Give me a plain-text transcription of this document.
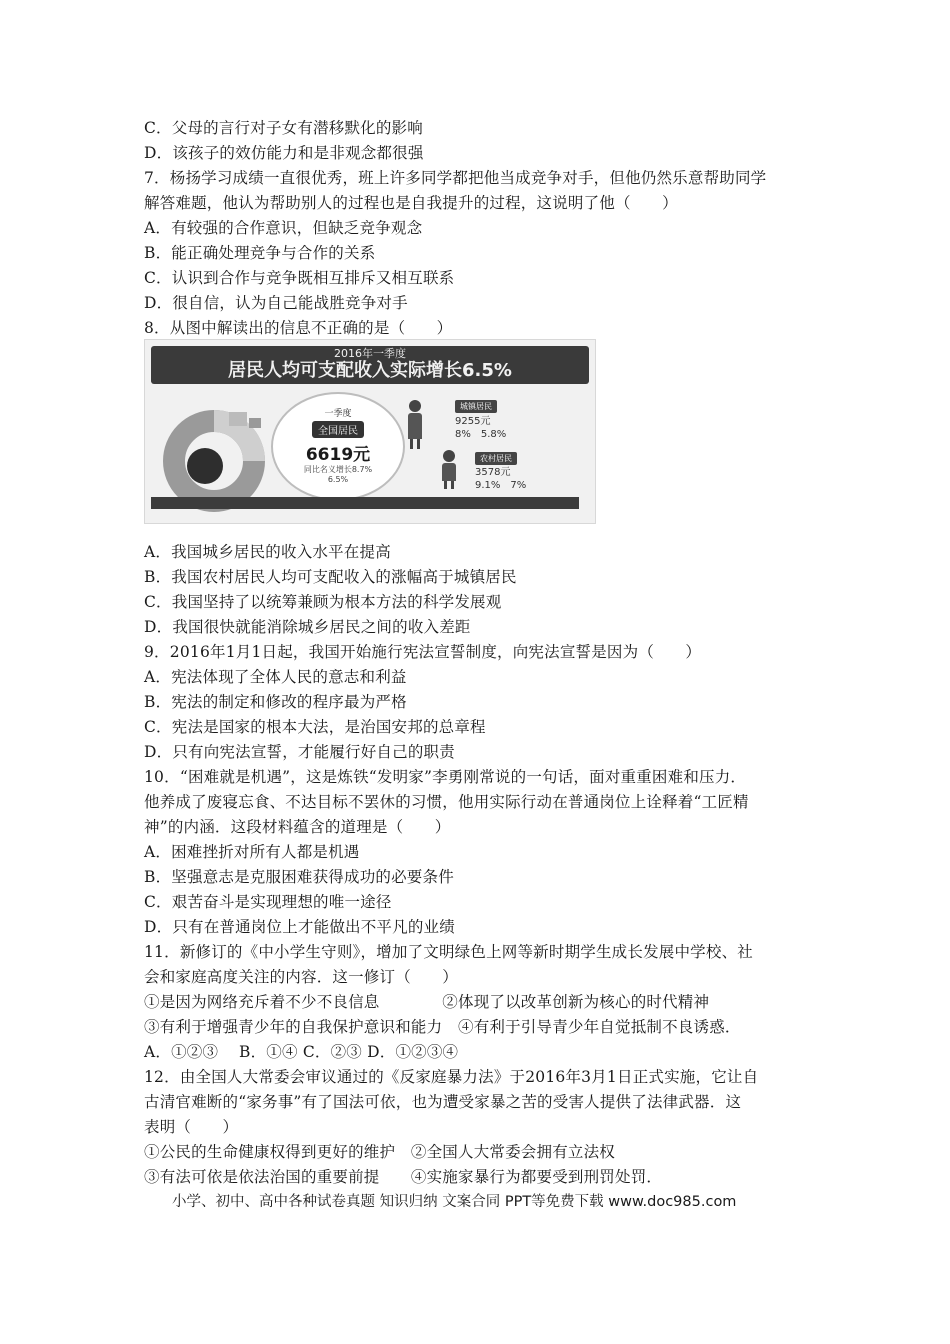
C．父母的言行对子女有潜移默化的影响
D．该孩子的效仿能力和是非观念都很强
7．杨扬学习成绩一直很优秀，班上许多同学都把他当成竞争对手，但他仍然乐意帮助同学
解答难题，他认为帮助别人的过程也是自我提升的过程，这说明了他（　　）
A．有较强的合作意识，但缺乏竞争观念
B．能正确处理竞争与合作的关系
C．认识到合作与竞争既相互排斥又相互联系
D．很自信，认为自己能战胜竞争对手
8．从图中解读出的信息不正确的是（　　）
2016年一季度
居民人均可支配收入实际增长6.5%
一季度
全国居民
6619元
同比名义增长8.7%
6.5%
城镇居民
9255元
8%　5.8%
农村居民
3578元
9.1%　7%
A．我国城乡居民的收入水平在提高
B．我国农村居民人均可支配收入的涨幅高于城镇居民
C．我国坚持了以统筹兼顾为根本方法的科学发展观
D．我国很快就能消除城乡居民之间的收入差距
9．2016年1月1日起，我国开始施行宪法宣誓制度，向宪法宣誓是因为（　　）
A．宪法体现了全体人民的意志和利益
B．宪法的制定和修改的程序最为严格
C．宪法是国家的根本大法，是治国安邦的总章程
D．只有向宪法宣誓，才能履行好自己的职责
10．“困难就是机遇”，这是炼铁“发明家”李勇刚常说的一句话，面对重重困难和压力．
他养成了废寝忘食、不达目标不罢休的习惯，他用实际行动在普通岗位上诠释着“工匠精
神”的内涵．这段材料蕴含的道理是（　　）
A．困难挫折对所有人都是机遇
B．坚强意志是克服困难获得成功的必要条件
C．艰苦奋斗是实现理想的唯一途径
D．只有在普通岗位上才能做出不平凡的业绩
11．新修订的《中小学生守则》，增加了文明绿色上网等新时期学生成长发展中学校、社
会和家庭高度关注的内容．这一修订（　　）
①是因为网络充斥着不少不良信息　　　　②体现了以改革创新为核心的时代精神
③有利于增强青少年的自我保护意识和能力　④有利于引导青少年自觉抵制不良诱惑．
A．①②③　 B．①④ C．②③ D．①②③④
12．由全国人大常委会审议通过的《反家庭暴力法》于2016年3月1日正式实施，它让自
古清官难断的“家务事”有了国法可依，也为遭受家暴之苦的受害人提供了法律武器．这
表明（　　）
①公民的生命健康权得到更好的维护　②全国人大常委会拥有立法权
③有法可依是依法治国的重要前提　　④实施家暴行为都要受到刑罚处罚．
小学、初中、高中各种试卷真题 知识归纳 文案合同 PPT等免费下载 www.doc985.com
